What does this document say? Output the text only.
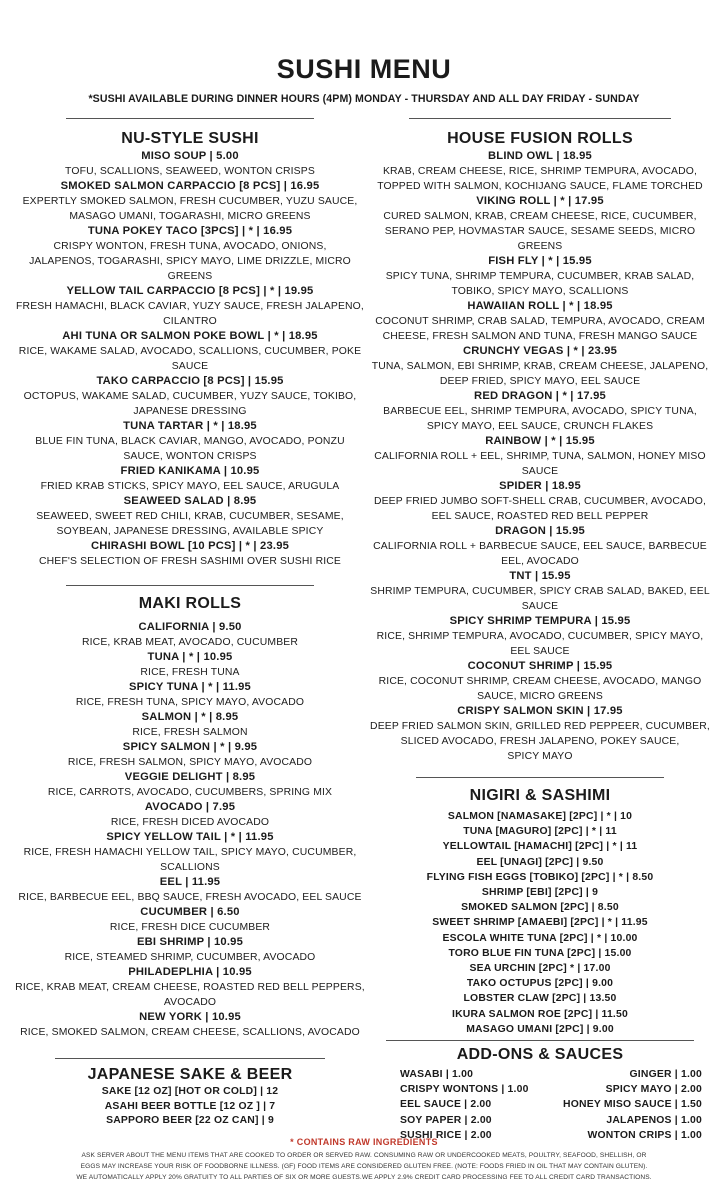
SUSHI MENU
*SUSHI AVAILABLE DURING DINNER HOURS (4PM) MONDAY - THURSDAY AND ALL DAY FRIDAY - SUNDAY
NU-STYLE SUSHI
MISO SOUP | 5.00
TOFU, SCALLIONS, SEAWEED, WONTON CRISPS
SMOKED SALMON CARPACCIO [8 PCS] | 16.95
EXPERTLY SMOKED SALMON, FRESH CUCUMBER, YUZU SAUCE,
MASAGO UMANI, TOGARASHI, MICRO GREENS
TUNA POKEY TACO [3PCS] | * | 16.95
CRISPY WONTON, FRESH TUNA, AVOCADO, ONIONS,
JALAPENOS, TOGARASHI, SPICY MAYO, LIME DRIZZLE, MICRO
GREENS
YELLOW TAIL CARPACCIO [8 PCS] | * | 19.95
FRESH HAMACHI, BLACK CAVIAR, YUZY SAUCE, FRESH JALAPENO,
CILANTRO
AHI TUNA OR SALMON POKE BOWL | * | 18.95
RICE, WAKAME SALAD, AVOCADO, SCALLIONS, CUCUMBER, POKE
SAUCE
TAKO CARPACCIO [8 PCS] | 15.95
OCTOPUS, WAKAME SALAD, CUCUMBER, YUZY SAUCE, TOKIBO,
JAPANESE DRESSING
TUNA TARTAR | * | 18.95
BLUE FIN TUNA, BLACK CAVIAR, MANGO, AVOCADO, PONZU
SAUCE, WONTON CRISPS
FRIED KANIKAMA | 10.95
FRIED KRAB STICKS, SPICY MAYO, EEL SAUCE, ARUGULA
SEAWEED SALAD | 8.95
SEAWEED, SWEET RED CHILI, KRAB, CUCUMBER, SESAME,
SOYBEAN, JAPANESE DRESSING, AVAILABLE SPICY
CHIRASHI BOWL [10 PCS] | * | 23.95
CHEF'S SELECTION OF FRESH SASHIMI OVER SUSHI RICE
MAKI ROLLS
CALIFORNIA | 9.50
RICE, KRAB MEAT, AVOCADO, CUCUMBER
TUNA | * | 10.95
RICE, FRESH TUNA
SPICY TUNA | * | 11.95
RICE, FRESH TUNA, SPICY MAYO, AVOCADO
SALMON | * | 8.95
RICE, FRESH SALMON
SPICY SALMON | * | 9.95
RICE, FRESH SALMON, SPICY MAYO, AVOCADO
VEGGIE DELIGHT | 8.95
RICE, CARROTS, AVOCADO, CUCUMBERS, SPRING MIX
AVOCADO | 7.95
RICE, FRESH DICED AVOCADO
SPICY YELLOW TAIL | * | 11.95
RICE, FRESH HAMACHI YELLOW TAIL, SPICY MAYO, CUCUMBER,
SCALLIONS
EEL | 11.95
RICE, BARBECUE EEL, BBQ SAUCE, FRESH AVOCADO, EEL SAUCE
CUCUMBER | 6.50
RICE, FRESH DICE CUCUMBER
EBI SHRIMP | 10.95
RICE, STEAMED SHRIMP, CUCUMBER, AVOCADO
PHILADEPLHIA | 10.95
RICE, KRAB MEAT, CREAM CHEESE, ROASTED RED BELL PEPPERS,
AVOCADO
NEW YORK | 10.95
RICE, SMOKED SALMON, CREAM CHEESE, SCALLIONS, AVOCADO
JAPANESE SAKE & BEER
SAKE [12 OZ] [HOT OR COLD] | 12
ASAHI BEER BOTTLE [12 OZ ] | 7
SAPPORO BEER [22 OZ CAN] | 9
HOUSE FUSION ROLLS
BLIND OWL | 18.95
KRAB, CREAM CHEESE, RICE, SHRIMP TEMPURA, AVOCADO,
TOPPED WITH SALMON, KOCHIJANG SAUCE, FLAME TORCHED
VIKING ROLL | * | 17.95
CURED SALMON, KRAB, CREAM CHEESE, RICE, CUCUMBER,
SERANO PEP, HOVMASTAR SAUCE, SESAME SEEDS, MICRO
GREENS
FISH FLY | * | 15.95
SPICY TUNA, SHRIMP TEMPURA, CUCUMBER, KRAB SALAD,
TOBIKO, SPICY MAYO, SCALLIONS
HAWAIIAN ROLL | * | 18.95
COCONUT SHRIMP, CRAB SALAD, TEMPURA, AVOCADO, CREAM
CHEESE, FRESH SALMON AND TUNA, FRESH MANGO SAUCE
CRUNCHY VEGAS | * | 23.95
TUNA, SALMON, EBI SHRIMP, KRAB, CREAM CHEESE, JALAPENO,
DEEP FRIED, SPICY MAYO, EEL SAUCE
RED DRAGON | * | 17.95
BARBECUE EEL, SHRIMP TEMPURA, AVOCADO, SPICY TUNA,
SPICY MAYO, EEL SAUCE, CRUNCH FLAKES
RAINBOW | * | 15.95
CALIFORNIA ROLL + EEL, SHRIMP, TUNA, SALMON, HONEY MISO
SAUCE
SPIDER | 18.95
DEEP FRIED JUMBO SOFT-SHELL CRAB, CUCUMBER, AVOCADO,
EEL SAUCE, ROASTED RED BELL PEPPER
DRAGON | 15.95
CALIFORNIA ROLL + BARBECUE SAUCE, EEL SAUCE, BARBECUE
EEL, AVOCADO
TNT | 15.95
SHRIMP TEMPURA, CUCUMBER, SPICY CRAB SALAD, BAKED, EEL
SAUCE
SPICY SHRIMP TEMPURA | 15.95
RICE, SHRIMP TEMPURA, AVOCADO, CUCUMBER, SPICY MAYO,
EEL SAUCE
COCONUT SHRIMP | 15.95
RICE, COCONUT SHRIMP, CREAM CHEESE, AVOCADO, MANGO
SAUCE, MICRO GREENS
CRISPY SALMON SKIN | 17.95
DEEP FRIED SALMON SKIN, GRILLED RED PEPPEER, CUCUMBER,
SLICED AVOCADO, FRESH JALAPENO, POKEY SAUCE,
SPICY MAYO
NIGIRI & SASHIMI
SALMON [NAMASAKE] [2PC] | * | 10
TUNA [MAGURO] [2PC] | * | 11
YELLOWTAIL [HAMACHI] [2PC] | * | 11
EEL [UNAGI] [2PC] | 9.50
FLYING FISH EGGS [TOBIKO] [2PC] | * | 8.50
SHRIMP [EBI] [2PC] | 9
SMOKED SALMON [2PC] | 8.50
SWEET SHRIMP [AMAEBI] [2PC] | * | 11.95
ESCOLA WHITE TUNA [2PC] | * | 10.00
TORO BLUE FIN TUNA [2PC] | 15.00
SEA URCHIN [2PC] * | 17.00
TAKO OCTUPUS [2PC] | 9.00
LOBSTER CLAW [2PC] | 13.50
IKURA SALMON ROE [2PC] | 11.50
MASAGO UMANI [2PC] | 9.00
ADD-ONS & SAUCES
WASABI | 1.00	GINGER | 1.00
CRISPY WONTONS | 1.00	SPICY MAYO | 2.00
EEL SAUCE | 2.00	HONEY MISO SAUCE | 1.50
SOY PAPER | 2.00	JALAPENOS | 1.00
SUSHI RICE | 2.00	WONTON CRIPS | 1.00
* CONTAINS RAW INGREDIENTS
ASK SERVER ABOUT THE MENU ITEMS THAT ARE COOKED TO ORDER OR SERVED RAW. CONSUMING RAW OR UNDERCOOKED MEATS, POULTRY, SEAFOOD, SHELLISH, OR
EGGS MAY INCREASE YOUR RISK OF FOODBORNE ILLNESS. (GF) FOOD ITEMS ARE CONSIDERED GLUTEN FREE. (NOTE: FOODS FRIED IN OIL THAT MAY CONTAIN GLUTEN).
WE AUTOMATICALLY APPLY 20% GRATUITY TO ALL PARTIES OF SIX OR MORE GUESTS.WE APPLY 2.9% CREDIT CARD PROCESSING FEE TO ALL CREDIT CARD TRANSACTIONS.
